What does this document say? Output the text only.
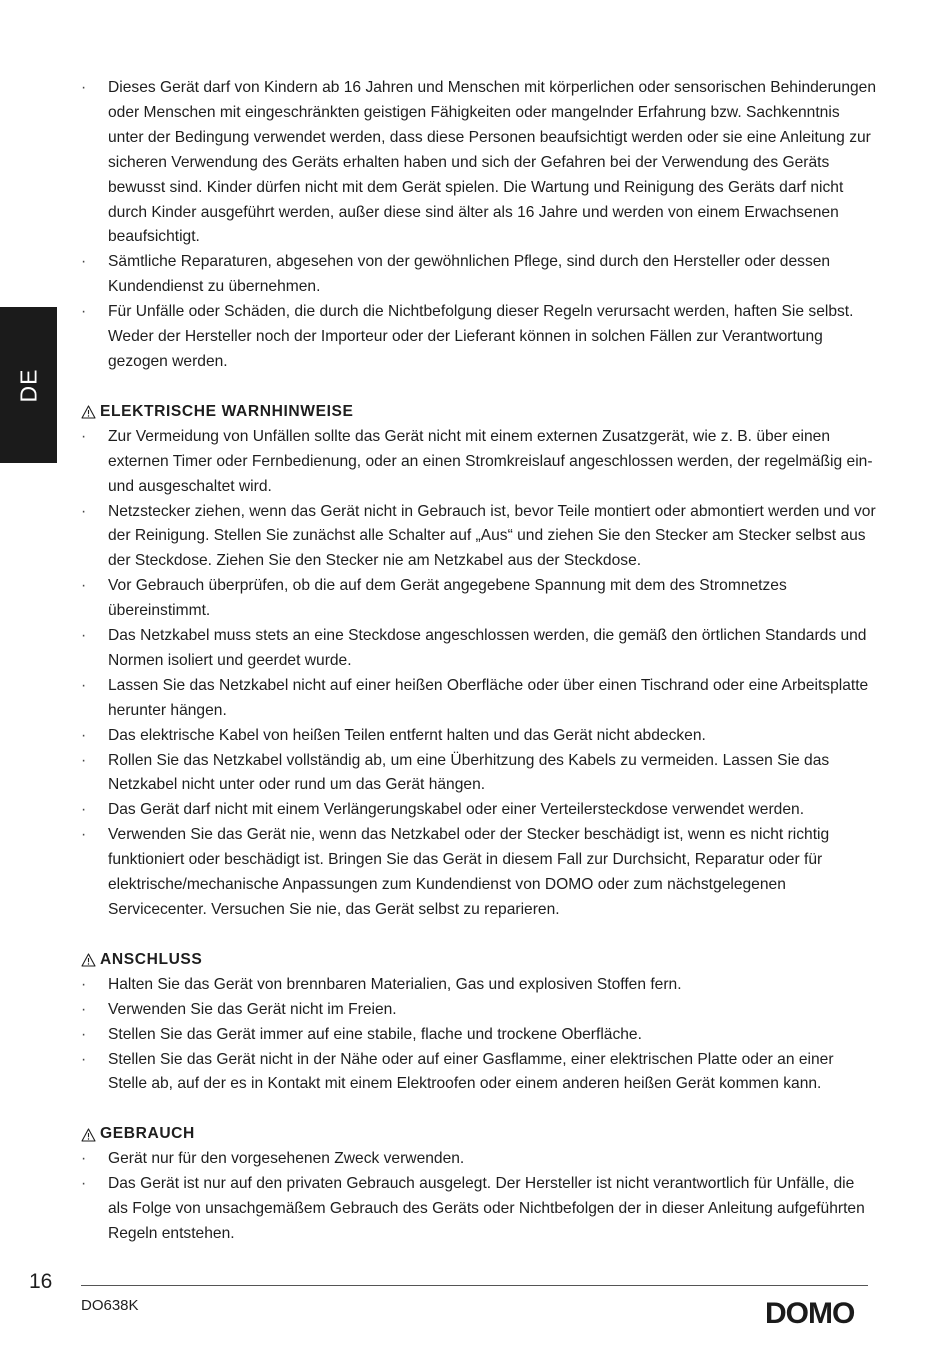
DE
· Dieses Gerät darf von Kindern ab 16 Jahren und Menschen mit körperlichen oder sensorischen Behinderungen oder Menschen mit eingeschränkten geistigen Fähigkeiten oder mangelnder Erfahrung bzw. Sachkenntnis unter der Bedingung verwendet werden, dass diese Personen beaufsichtigt werden oder sie eine Anleitung zur sicheren Verwendung des Geräts erhalten haben und sich der Gefahren bei der Verwendung des Geräts bewusst sind. Kinder dürfen nicht mit dem Gerät spielen. Die Wartung und Reinigung des Geräts darf nicht durch Kinder ausgeführt werden, außer diese sind älter als 16 Jahre und werden von einem Erwachsenen beaufsichtigt.
· Sämtliche Reparaturen, abgesehen von der gewöhnlichen Pflege, sind durch den Hersteller oder dessen Kundendienst zu übernehmen.
· Für Unfälle oder Schäden, die durch die Nichtbefolgung dieser Regeln verursacht werden, haften Sie selbst. Weder der Hersteller noch der Importeur oder der Lieferant können in solchen Fällen zur Verantwortung gezogen werden.
ELEKTRISCHE WARNHINWEISE
· Zur Vermeidung von Unfällen sollte das Gerät nicht mit einem externen Zusatzgerät, wie z. B. über einen externen Timer oder Fernbedienung, oder an einen Stromkreislauf angeschlossen werden, der regelmäßig ein- und ausgeschaltet wird.
· Netzstecker ziehen, wenn das Gerät nicht in Gebrauch ist, bevor Teile montiert oder abmontiert werden und vor der Reinigung. Stellen Sie zunächst alle Schalter auf „Aus“ und ziehen Sie den Stecker am Stecker selbst aus der Steckdose. Ziehen Sie den Stecker nie am Netzkabel aus der Steckdose.
· Vor Gebrauch überprüfen, ob die auf dem Gerät angegebene Spannung mit dem des Stromnetzes übereinstimmt.
· Das Netzkabel muss stets an eine Steckdose angeschlossen werden, die gemäß den örtlichen Standards und Normen isoliert und geerdet wurde.
· Lassen Sie das Netzkabel nicht auf einer heißen Oberfläche oder über einen Tischrand oder eine Arbeitsplatte herunter hängen.
· Das elektrische Kabel von heißen Teilen entfernt halten und das Gerät nicht abdecken.
· Rollen Sie das Netzkabel vollständig ab, um eine Überhitzung des Kabels zu vermeiden. Lassen Sie das Netzkabel nicht unter oder rund um das Gerät hängen.
· Das Gerät darf nicht mit einem Verlängerungskabel oder einer Verteilersteckdose verwendet werden.
· Verwenden Sie das Gerät nie, wenn das Netzkabel oder der Stecker beschädigt ist, wenn es nicht richtig funktioniert oder beschädigt ist. Bringen Sie das Gerät in diesem Fall zur Durchsicht, Reparatur oder für elektrische/mechanische Anpassungen zum Kundendienst von DOMO oder zum nächstgelegenen Servicecenter. Versuchen Sie nie, das Gerät selbst zu reparieren.
ANSCHLUSS
· Halten Sie das Gerät von brennbaren Materialien, Gas und explosiven Stoffen fern.
· Verwenden Sie das Gerät nicht im Freien.
· Stellen Sie das Gerät immer auf eine stabile, flache und trockene Oberfläche.
· Stellen Sie das Gerät nicht in der Nähe oder auf einer Gasflamme, einer elektrischen Platte oder an einer Stelle ab, auf der es in Kontakt mit einem Elektroofen oder einem anderen heißen Gerät kommen kann.
GEBRAUCH
· Gerät nur für den vorgesehenen Zweck verwenden.
· Das Gerät ist nur auf den privaten Gebrauch ausgelegt. Der Hersteller ist nicht verantwortlich für Unfälle, die als Folge von unsachgemäßem Gebrauch des Geräts oder Nichtbefolgen der in dieser Anleitung aufgeführten Regeln entstehen.
16
DO638K	DOMO
